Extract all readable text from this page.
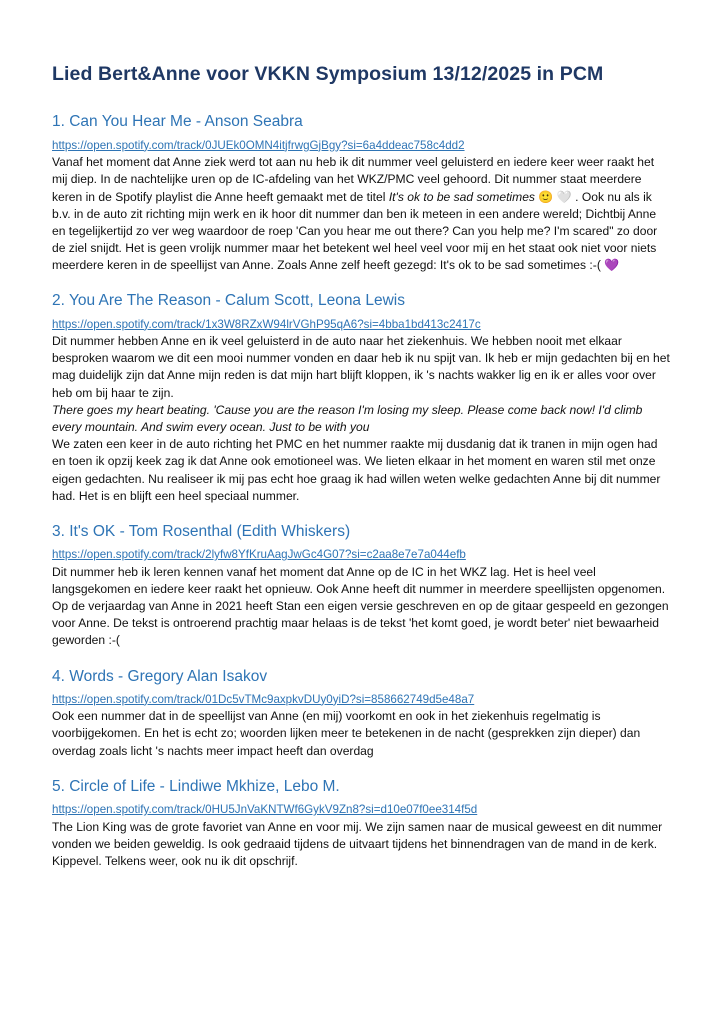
Lied Bert&Anne voor VKKN Symposium 13/12/2025 in PCM
1. Can You Hear Me - Anson Seabra
https://open.spotify.com/track/0JUEk0OMN4itjfrwgGjBgy?si=6a4ddeac758c4dd2

Vanaf het moment dat Anne ziek werd tot aan nu heb ik dit nummer veel geluisterd en iedere keer weer raakt het mij diep. In de nachtelijke uren op de IC-afdeling van het WKZ/PMC veel gehoord. Dit nummer staat meerdere keren in de Spotify playlist die Anne heeft gemaakt met de titel It's ok to be sad sometimes 🙂 🤍 . Ook nu als ik b.v. in de auto zit richting mijn werk en ik hoor dit nummer dan ben ik meteen in een andere wereld; Dichtbij Anne en tegelijkertijd zo ver weg waardoor de roep 'Can you hear me out there? Can you help me? I'm scared" zo door de ziel snijdt. Het is geen vrolijk nummer maar het betekent wel heel veel voor mij en het staat ook niet voor niets meerdere keren in de speellijst van Anne. Zoals Anne zelf heeft gezegd: It's ok to be sad sometimes :-( 💜

2. You Are The Reason - Calum Scott, Leona Lewis
https://open.spotify.com/track/1x3W8RZxW94lrVGhP95qA6?si=4bba1bd413c2417c

Dit nummer hebben Anne en ik veel geluisterd in de auto naar het ziekenhuis. We hebben nooit met elkaar besproken waarom we dit een mooi nummer vonden en daar heb ik nu spijt van. Ik heb er mijn gedachten bij en het mag duidelijk zijn dat Anne mijn reden is dat mijn hart blijft kloppen, ik 's nachts wakker lig en ik er alles voor over heb om bij haar te zijn.

There goes my heart beating. 'Cause you are the reason I'm losing my sleep. Please come back now! I'd climb every mountain. And swim every ocean. Just to be with you

We zaten een keer in de auto richting het PMC en het nummer raakte mij dusdanig dat ik tranen in mijn ogen had en toen ik opzij keek zag ik dat Anne ook emotioneel was. We lieten elkaar in het moment en waren stil met onze eigen gedachten. Nu realiseer ik mij pas echt hoe graag ik had willen weten welke gedachten Anne bij dit nummer had. Het is en blijft een heel speciaal nummer.

3. It's OK - Tom Rosenthal (Edith Whiskers)
https://open.spotify.com/track/2lyfw8YfKruAagJwGc4G07?si=c2aa8e7e7a044efb

Dit nummer heb ik leren kennen vanaf het moment dat Anne op de IC in het WKZ lag. Het is heel veel langsgekomen en iedere keer raakt het opnieuw. Ook Anne heeft dit nummer in meerdere speellijsten opgenomen. Op de verjaardag van Anne in 2021 heeft Stan een eigen versie geschreven en op de gitaar gespeeld en gezongen voor Anne. De tekst is ontroerend prachtig maar helaas is de tekst 'het komt goed, je wordt beter' niet bewaarheid geworden :-(

4. Words - Gregory Alan Isakov
https://open.spotify.com/track/01Dc5vTMc9axpkvDUy0yiD?si=858662749d5e48a7

Ook een nummer dat in de speellijst van Anne (en mij) voorkomt en ook in het ziekenhuis regelmatig is voorbijgekomen. En het is echt zo; woorden lijken meer te betekenen in de nacht (gesprekken zijn dieper) dan overdag zoals licht 's nachts meer impact heeft dan overdag

5. Circle of Life - Lindiwe Mkhize, Lebo M.
https://open.spotify.com/track/0HU5JnVaKNTWf6GykV9Zn8?si=d10e07f0ee314f5d

The Lion King was de grote favoriet van Anne en voor mij. We zijn samen naar de musical geweest en dit nummer vonden we beiden geweldig. Is ook gedraaid tijdens de uitvaart tijdens het binnendragen van de mand in de kerk. Kippevel. Telkens weer, ook nu ik dit opschrijf.
